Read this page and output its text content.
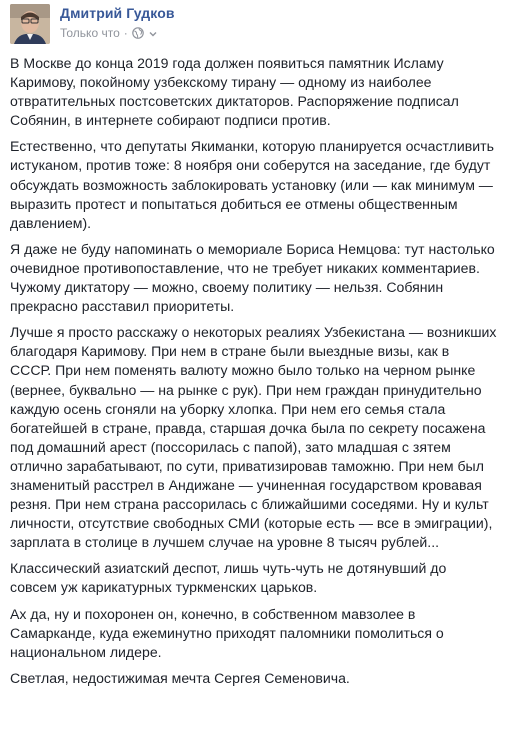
Дмитрий Гудков
Только что ·

В Москве до конца 2019 года должен появиться памятник Исламу
Каримову, покойному узбекскому тирану — одному из наиболее
отвратительных постсоветских диктаторов. Распоряжение подписал
Собянин, в интернете собирают подписи против.

Естественно, что депутаты Якиманки, которую планируется осчастливить
истуканом, против тоже: 8 ноября они соберутся на заседание, где будут
обсуждать возможность заблокировать установку (или — как минимум —
выразить протест и попытаться добиться ее отмены общественным
давлением).

Я даже не буду напоминать о мемориале Бориса Немцова: тут настолько
очевидное противопоставление, что не требует никаких комментариев.
Чужому диктатору — можно, своему политику — нельзя. Собянин
прекрасно расставил приоритеты.

Лучше я просто расскажу о некоторых реалиях Узбекистана — возникших
благодаря Каримову. При нем в стране были выездные визы, как в
СССР. При нем поменять валюту можно было только на черном рынке
(вернее, буквально — на рынке с рук). При нем граждан принудительно
каждую осень сгоняли на уборку хлопка. При нем его семья стала
богатейшей в стране, правда, старшая дочка была по секрету посажена
под домашний арест (поссорилась с папой), зато младшая с зятем
отлично зарабатывают, по сути, приватизировав таможню. При нем был
знаменитый расстрел в Андижане — учиненная государством кровавая
резня. При нем страна рассорилась с ближайшими соседями. Ну и культ
личности, отсутствие свободных СМИ (которые есть — все в эмиграции),
зарплата в столице в лучшем случае на уровне 8 тысяч рублей...

Классический азиатский деспот, лишь чуть-чуть не дотянувший до
совсем уж карикатурных туркменских царьков.

Ах да, ну и похоронен он, конечно, в собственном мавзолее в
Самарканде, куда ежеминутно приходят паломники помолиться о
национальном лидере.

Светлая, недостижимая мечта Сергея Семеновича.
